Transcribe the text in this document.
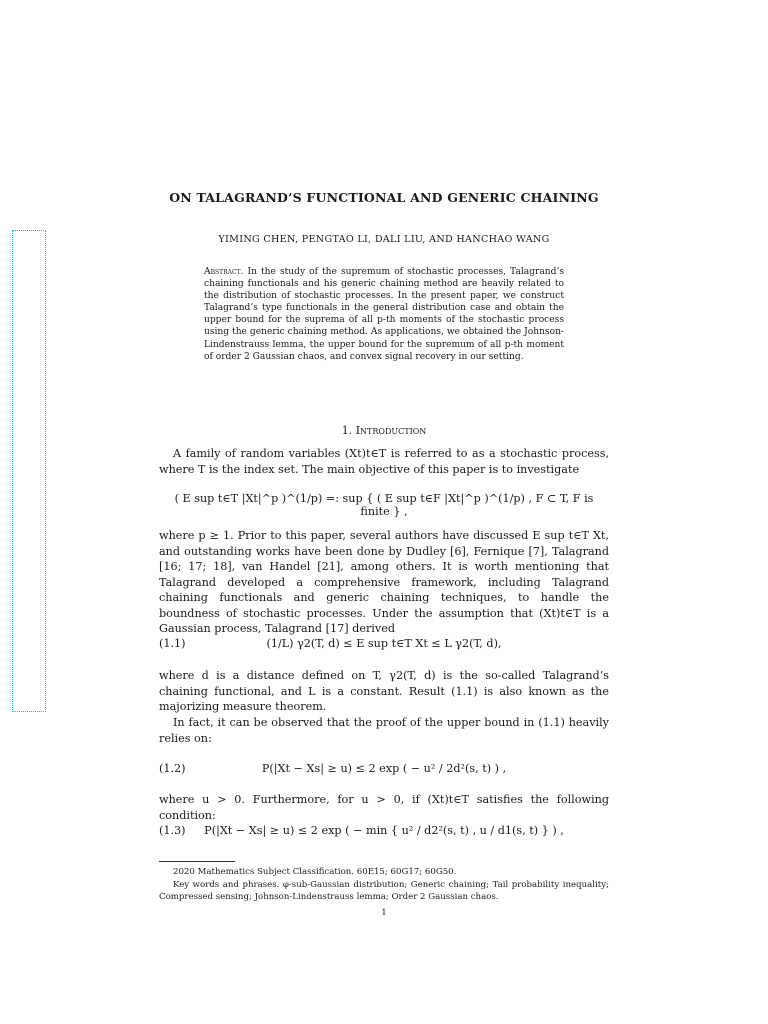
ON TALAGRAND’S FUNCTIONAL AND GENERIC CHAINING
YIMING CHEN, PENGTAO LI, DALI LIU, AND HANCHAO WANG
Abstract. In the study of the supremum of stochastic processes, Talagrand’s chaining functionals and his generic chaining method are heavily related to the distribution of stochastic processes. In the present paper, we construct Talagrand’s type functionals in the general distribution case and obtain the upper bound for the suprema of all p-th moments of the stochastic process using the generic chaining method. As applications, we obtained the Johnson-Lindenstrauss lemma, the upper bound for the supremum of all p-th moment of order 2 Gaussian chaos, and convex signal recovery in our setting.
1. Introduction
A family of random variables (Xt)t∈T is referred to as a stochastic process, where T is the index set. The main objective of this paper is to investigate
( E sup t∈T |Xt|^p )^(1/p) =: sup { ( E sup t∈F |Xt|^p )^(1/p) , F ⊂ T, F is finite } ,
where p ≥ 1. Prior to this paper, several authors have discussed E sup t∈T Xt, and outstanding works have been done by Dudley [6], Fernique [7], Talagrand [16; 17; 18], van Handel [21], among others. It is worth mentioning that Talagrand developed a comprehensive framework, including Talagrand chaining functionals and generic chaining techniques, to handle the boundness of stochastic processes. Under the assumption that (Xt)t∈T is a Gaussian process, Talagrand [17] derived
(1.1)	(1/L) γ2(T, d) ≤ E sup t∈T Xt ≤ L γ2(T, d),
where d is a distance defined on T, γ2(T, d) is the so-called Talagrand’s chaining functional, and L is a constant. Result (1.1) is also known as the majorizing measure theorem.
In fact, it can be observed that the proof of the upper bound in (1.1) heavily relies on:
(1.2)	P(|Xt − Xs| ≥ u) ≤ 2 exp ( − u² / 2d²(s, t) ) ,
where u > 0. Furthermore, for u > 0, if (Xt)t∈T satisfies the following condition:
(1.3)	P(|Xt − Xs| ≥ u) ≤ 2 exp ( − min { u² / d2²(s, t) , u / d1(s, t) } ) ,
2020 Mathematics Subject Classification. 60E15; 60G17; 60G50.
Key words and phrases. φ-sub-Gaussian distribution; Generic chaining; Tail probability inequality; Compressed sensing; Johnson-Lindenstrauss lemma; Order 2 Gaussian chaos.
1
